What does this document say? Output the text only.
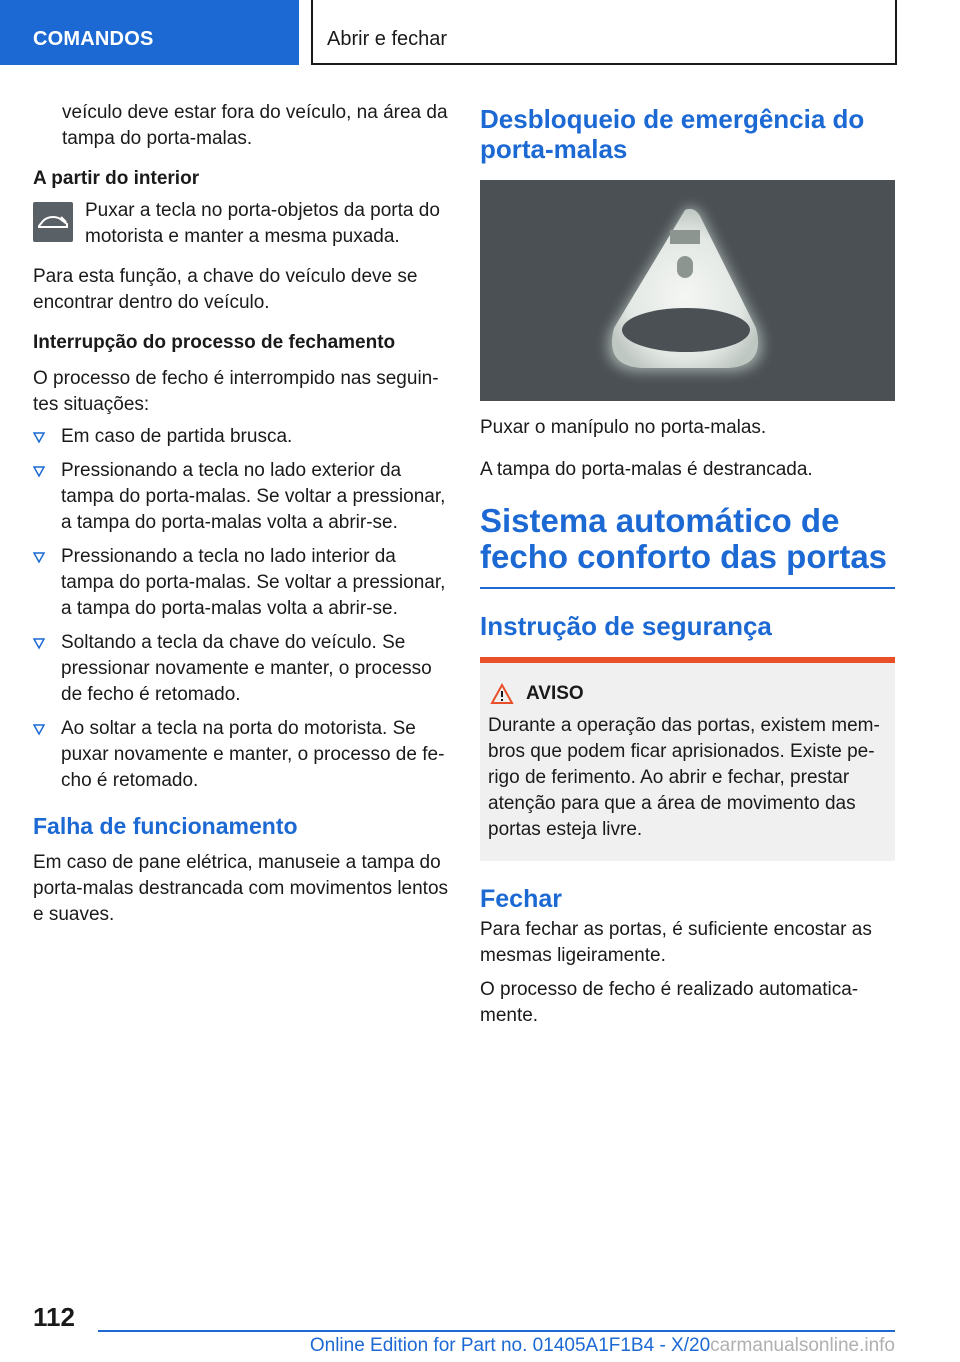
COMANDOS	Abrir e fechar

veículo deve estar fora do veículo, na área da tampa do porta-malas.

A partir do interior

Puxar a tecla no porta-objetos da porta do motorista e manter a mesma puxada.

Para esta função, a chave do veículo deve se encontrar dentro do veículo.

Interrupção do processo de fechamento

O processo de fecho é interrompido nas seguintes situações:

Em caso de partida brusca.

Pressionando a tecla no lado exterior da tampa do porta-malas. Se voltar a pressionar, a tampa do porta-malas volta a abrir-se.

Pressionando a tecla no lado interior da tampa do porta-malas. Se voltar a pressionar, a tampa do porta-malas volta a abrir-se.

Soltando a tecla da chave do veículo. Se pressionar novamente e manter, o processo de fecho é retomado.

Ao soltar a tecla na porta do motorista. Se puxar novamente e manter, o processo de fecho é retomado.

Falha de funcionamento

Em caso de pane elétrica, manuseie a tampa do porta-malas destrancada com movimentos lentos e suaves.

Desbloqueio de emergência do porta-malas

Puxar o manípulo no porta-malas.

A tampa do porta-malas é destrancada.

Sistema automático de fecho conforto das portas
Instrução de segurança
AVISO

Durante a operação das portas, existem membros que podem ficar aprisionados. Existe perigo de ferimento. Ao abrir e fechar, prestar atenção para que a área de movimento das portas esteja livre.

Fechar

Para fechar as portas, é suficiente encostar as mesmas ligeiramente.

O processo de fecho é realizado automaticamente.

112
Online Edition for Part no. 01405A1F1B4 - X/20carmanualsonline.info
